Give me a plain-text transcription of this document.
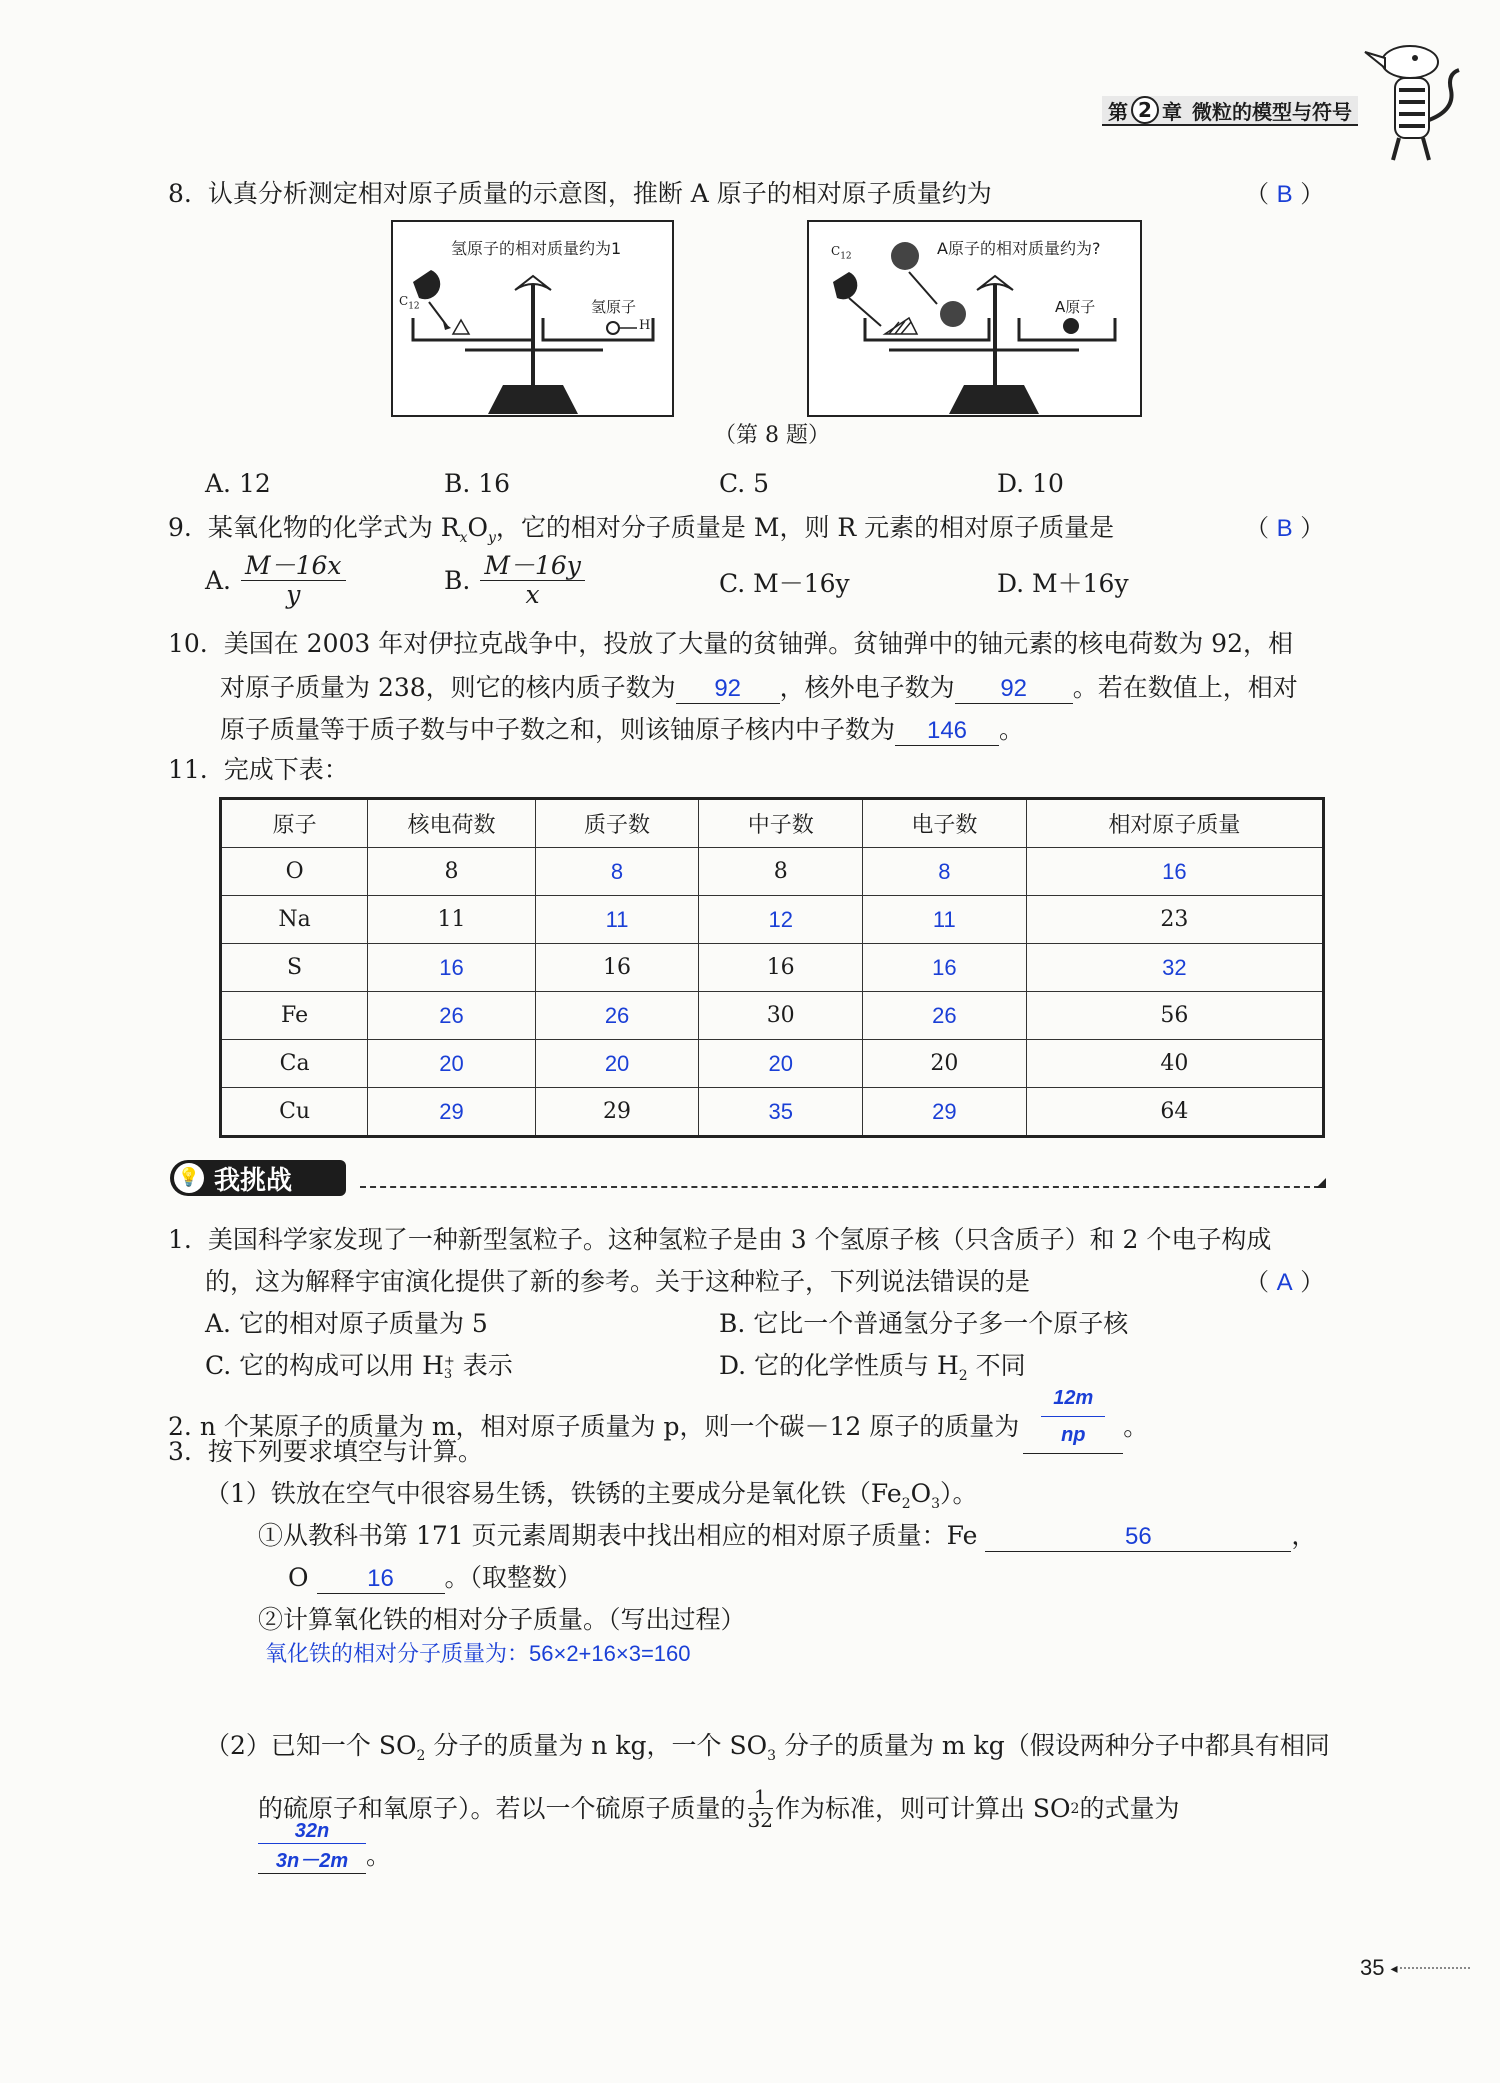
第 2 章 微粒的模型与符号
8. 认真分析测定相对原子质量的示意图，推断 A 原子的相对原子质量约为	（ B ）
氢原子的相对质量约为1
$C_{12}$	氢原子
H
A原子的相对质量约为?
$C_{12}$
A原子
（第 8 题）
A. 12	B. 16	C. 5	D. 10
9. 某氧化物的化学式为 $R_xO_y$，它的相对分子质量是 M，则 R 元素的相对原子质量是	（ B ）
A. $\frac{M-16x}{y}$	B. $\frac{M-16y}{x}$	C. M－16y	D. M＋16y
10. 美国在 2003 年对伊拉克战争中，投放了大量的贫铀弹。贫铀弹中的铀元素的核电荷数为 92，相
对原子质量为 238，则它的核内质子数为 92 ，核外电子数为 92 。若在数值上，相对
原子质量等于质子数与中子数之和，则该铀原子核内中子数为 146 。
11. 完成下表：
原子	核电荷数	质子数	中子数	电子数	相对原子质量
O	8	8	8	8	16
Na	11	11	12	11	23
S	16	16	16	16	32
Fe	26	26	30	26	56
Ca	20	20	20	20	40
Cu	29	29	35	29	64
💡 我挑战
1. 美国科学家发现了一种新型氢粒子。这种氢粒子是由 3 个氢原子核（只含质子）和 2 个电子构成
的，这为解释宇宙演化提供了新的参考。关于这种粒子，下列说法错误的是	（ A ）
A. 它的相对原子质量为 5	B. 它比一个普通氢分子多一个原子核
C. 它的构成可以用 H +
3 表示	D. 它的化学性质与 $H_2$ 不同
2. n 个某原子的质量为 m，相对原子质量为 p，则一个碳－12 原子的质量为
12m
np	。
3. 按下列要求填空与计算。
（1）铁放在空气中很容易生锈，铁锈的主要成分是氧化铁$(Fe_2O_3)$。
①从教科书第 171 页元素周期表中找出相应的相对原子质量：Fe	56	，
O 16 。（取整数）
②计算氧化铁的相对分子质量。（写出过程）
氧化铁的相对分子质量为：56×2+16×3=160
（2）已知一个 $SO_2$ 分子的质量为 n kg，一个 $SO_3$ 分子的质量为 m kg（假设两种分子中都具有相同
的硫原子和氧原子）。若以一个硫原子质量的 $\frac{1}{32}$ 作为标准，则可计算出 SO 2 的式量为
32n
3n－2m 。
35 ◂
